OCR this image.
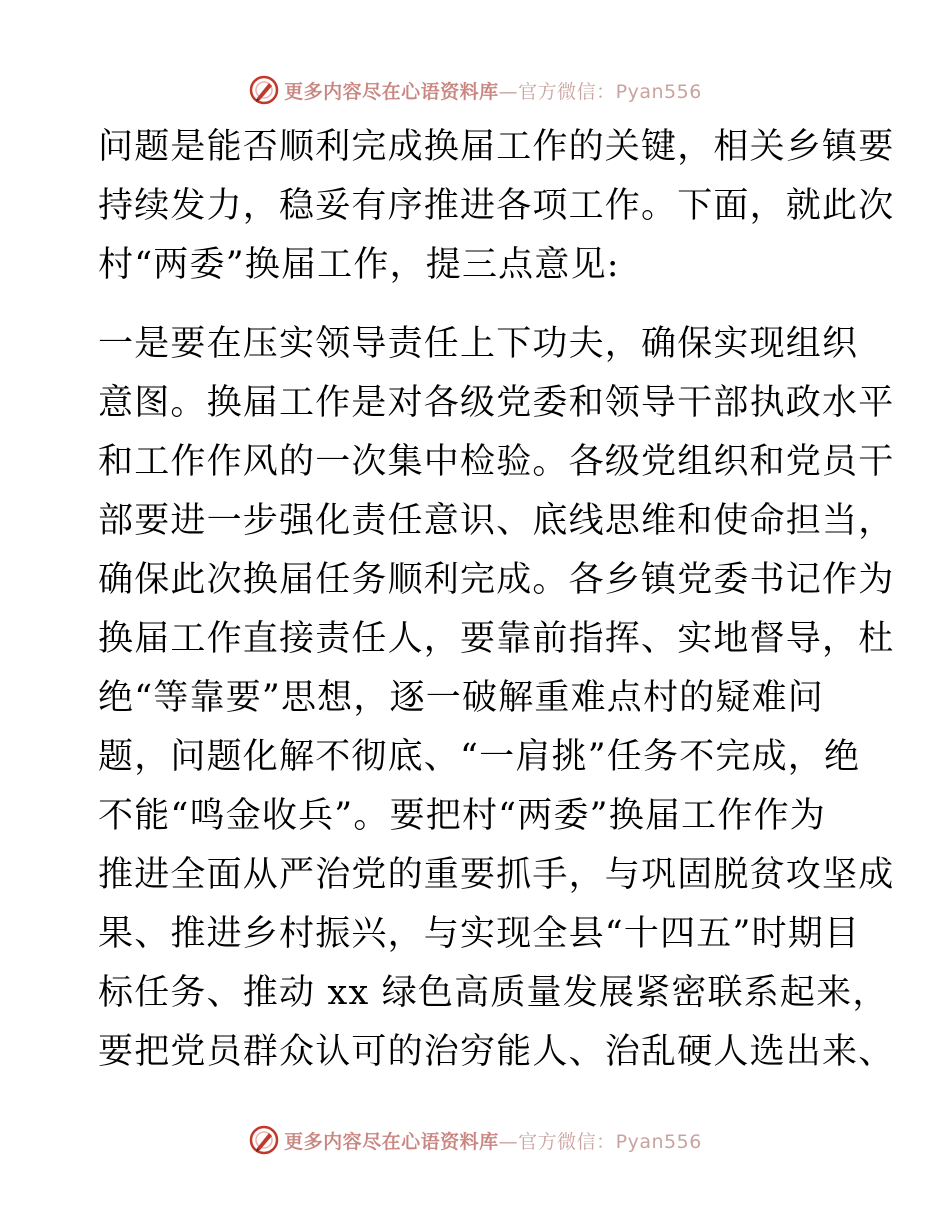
更多内容尽在心语资料库—官方微信：Pyan556
问题是能否顺利完成换届工作的关键，相关乡镇要
持续发力，稳妥有序推进各项工作。下面，就此次
村“两委”换届工作，提三点意见:
一是要在压实领导责任上下功夫，确保实现组织
意图。换届工作是对各级党委和领导干部执政水平
和工作作风的一次集中检验。各级党组织和党员干
部要进一步强化责任意识、底线思维和使命担当，
确保此次换届任务顺利完成。各乡镇党委书记作为
换届工作直接责任人，要靠前指挥、实地督导，杜
绝“等靠要”思想，逐一破解重难点村的疑难问
题，问题化解不彻底、“一肩挑”任务不完成，绝
不能“鸣金收兵”。要把村“两委”换届工作作为
推进全面从严治党的重要抓手，与巩固脱贫攻坚成
果、推进乡村振兴，与实现全县“十四五”时期目
标任务、推动 xx 绿色高质量发展紧密联系起来，
要把党员群众认可的治穷能人、治乱硬人选出来、
更多内容尽在心语资料库—官方微信：Pyan556
